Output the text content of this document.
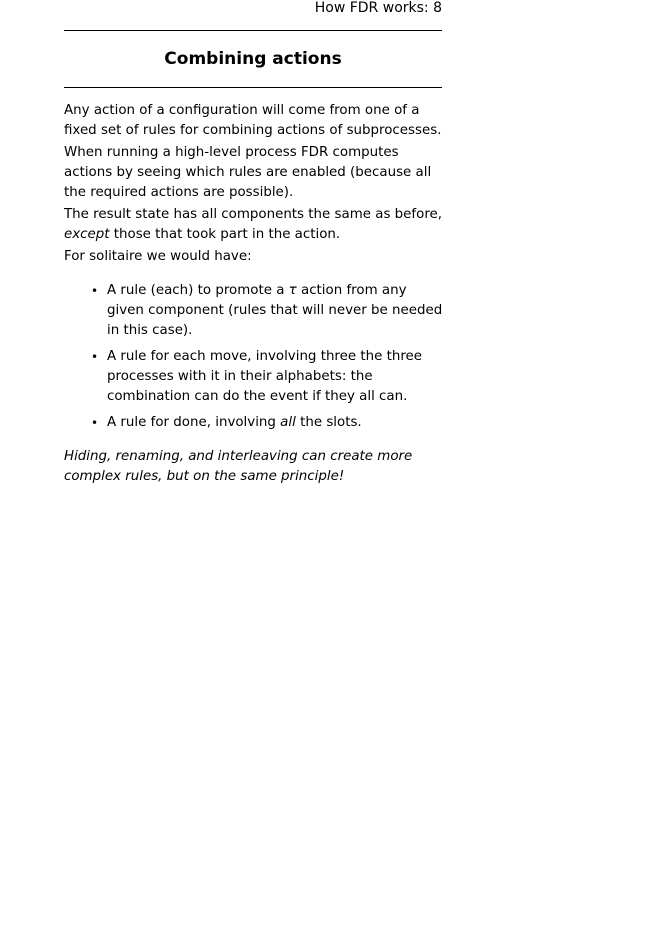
How FDR works: 8
Combining actions

Any action of a configuration will come from one of a fixed set of rules for combining actions of subprocesses.

When running a high-level process FDR computes actions by seeing which rules are enabled (because all the required actions are possible).

The result state has all components the same as before, except those that took part in the action.

For solitaire we would have:

• A rule (each) to promote a τ action from any given component (rules that will never be needed in this case).
• A rule for each move, involving three the three processes with it in their alphabets: the combination can do the event if they all can.
• A rule for done, involving all the slots.

Hiding, renaming, and interleaving can create more complex rules, but on the same principle!
